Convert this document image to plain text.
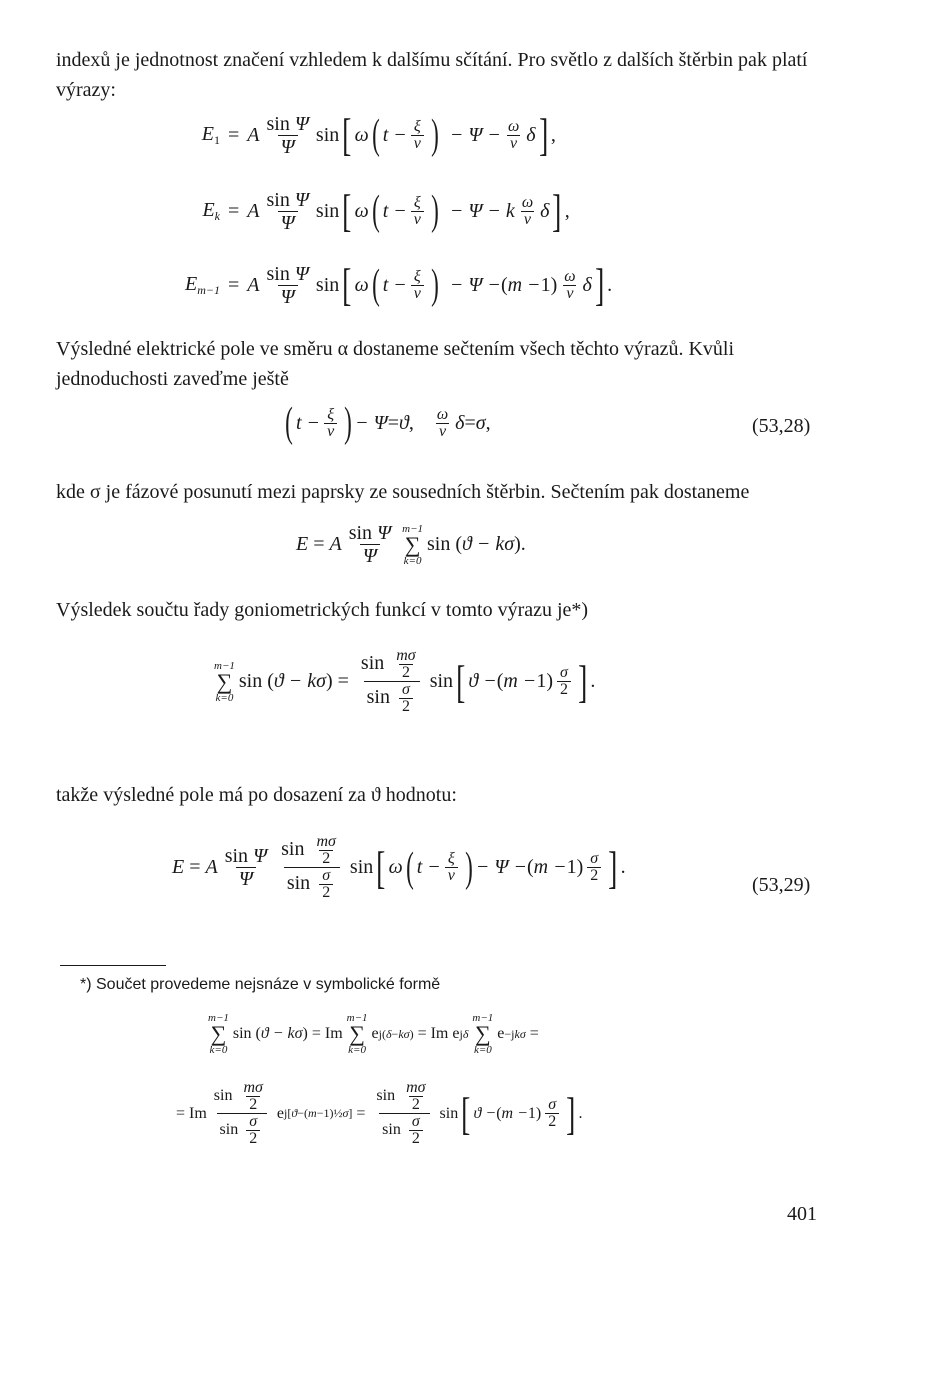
indexů je jednotnost značení vzhledem k dalšímu sčítání. Pro světlo z dalších štěrbin pak platí výrazy:

$E_1 = A \frac{\text{sin Ψ}}{\Psi}$ sin [ ω ( $t - \frac{\xi}{v}$ ) − $\Psi - \frac{\omega}{v}$ δ ] ,
$E_k = A \frac{\text{sin Ψ}}{\Psi}$ sin [ ω ( $t - \frac{\xi}{v}$ ) − Ψ − k $\frac{\omega}{v}$ δ ] ,
$E_{m-1} = A \frac{\text{sin Ψ}}{\Psi}$ sin [ ω ( $t - \frac{\xi}{v}$ ) − Ψ − ( $m - 1) \frac{\omega}{v}$ δ ] .

Výsledné elektrické pole ve směru α dostaneme sečtením všech těchto výrazů. Kvůli jednoduchosti zaveďme ještě

( $t - \frac{\xi}{v}$ ) − Ψ = ϑ , $\frac{\omega}{v}$ δ = σ ,	(53,28)

kde σ je fázové posunutí mezi paprsky ze sousedních štěrbin. Sečtením pak dostaneme

E = A $\frac{\text{sin Ψ}}{\Psi} m-1$
∑
k=0
sin
( ϑ − kσ ) .

Výsledek součtu řady goniometrických funkcí v tomto výrazu je*)

m−1
∑
k=0
sin
( ϑ − kσ ) = $\frac{\sin \frac{m\sigma}{2}}{\sin \frac{\sigma}{2}}$ sin [ ϑ − ( $m - 1) \frac{\sigma}{2}$ ] .

takže výsledné pole má po dosazení za ϑ hodnotu:

E = A $\frac{\text{sin Ψ}}{\Psi} \frac{\sin \frac{m\sigma}{2}}{\sin \frac{\sigma}{2}}$ sin [ ω ( $t - \frac{\xi}{v}$ ) − Ψ − ( $m - 1) \frac{\sigma}{2}$ ] .
(53,29)
*) Součet provedeme nejsnáze v symbolické formě
m−1
∑
k=0
sin
( ϑ − kσ ) = Im
m−1
∑
k=0
e j(δ−kσ) = Im e jδ
m−1
∑
k=0
e −jkσ =
= Im $\frac{\sin \frac{m\sigma}{2}}{\sin \frac{\sigma}{2}}$ e j[ϑ−(m−1)½σ] = $\frac{\sin \frac{m\sigma}{2}}{\sin \frac{\sigma}{2}}$ sin [ ϑ − ( $m - 1) \frac{\sigma}{2}$ ] .
401
